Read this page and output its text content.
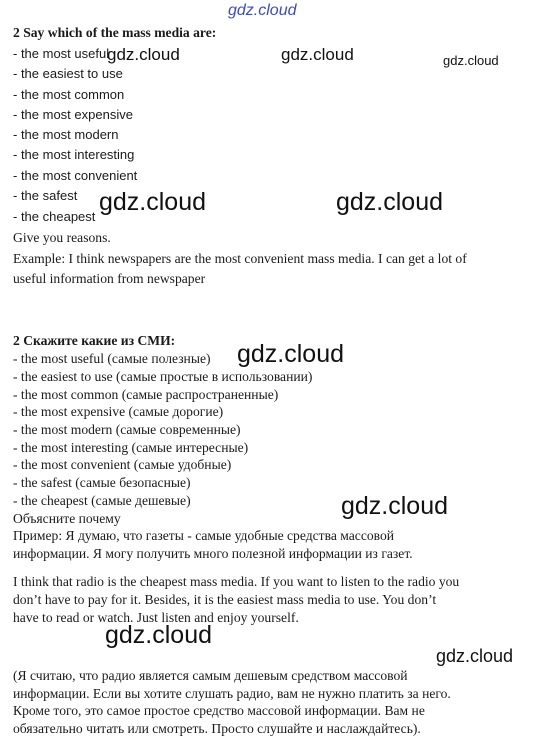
gdz.cloud
gdz.cloud	gdz.cloud	gdz.cloud
gdz.cloud	gdz.cloud
gdz.cloud
gdz.cloud
gdz.cloud
gdz.cloud
2 Say which of the mass media are:
- the most useful
- the easiest to use
- the most common
- the most expensive
- the most modern
- the most interesting
- the most convenient
- the safest
- the cheapest
Give you reasons.
Example: I think newspapers are the most convenient mass media. I can get a lot of
useful information from newspaper
2 Скажите какие из СМИ:
- the most useful (самые полезные)
- the easiest to use (самые простые в использовании)
- the most common (самые распространенные)
- the most expensive (самые дорогие)
- the most modern (самые современные)
- the most interesting (самые интересные)
- the most convenient (самые удобные)
- the safest (самые безопасные)
- the cheapest (самые дешевые)
Объясните почему
Пример: Я думаю, что газеты - самые удобные средства массовой
информации. Я могу получить много полезной информации из газет.
I think that radio is the cheapest mass media. If you want to listen to the radio you
don’t have to pay for it. Besides, it is the easiest mass media to use. You don’t
have to read or watch. Just listen and enjoy yourself.
(Я считаю, что радио является самым дешевым средством массовой
информации. Если вы хотите слушать радио, вам не нужно платить за него.
Кроме того, это самое простое средство массовой информации. Вам не
обязательно читать или смотреть. Просто слушайте и наслаждайтесь).
